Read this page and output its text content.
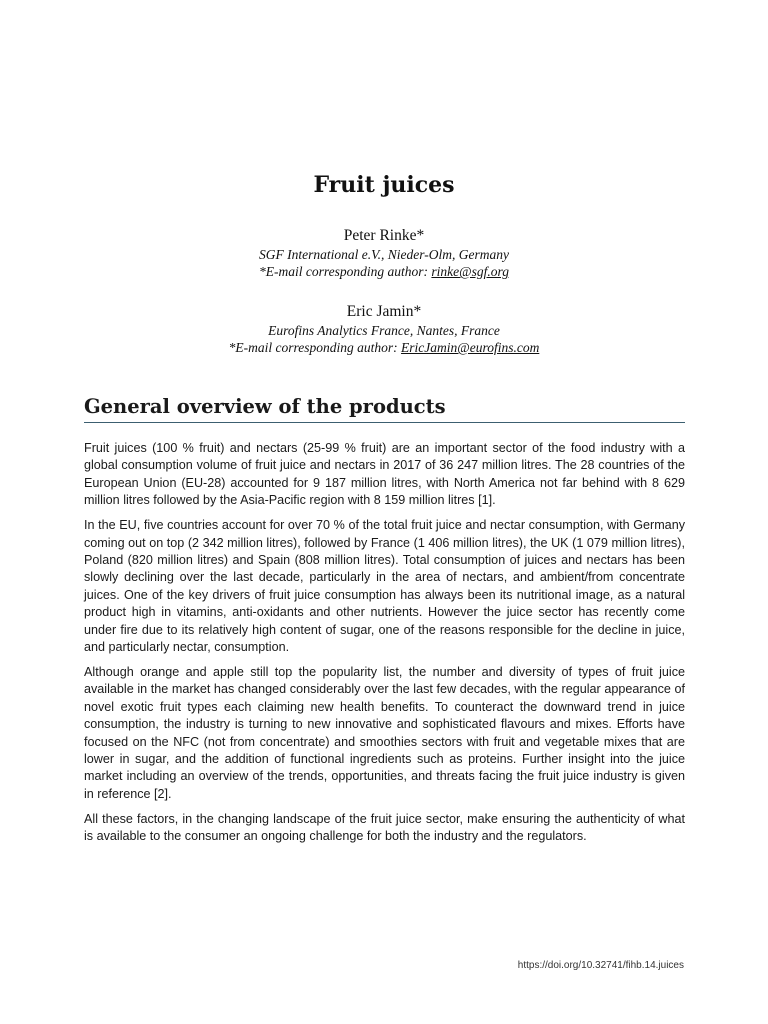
Fruit juices

Peter Rinke*

SGF International e.V., Nieder-Olm, Germany

*E-mail corresponding author: rinke@sgf.org

Eric Jamin*

Eurofins Analytics France, Nantes, France

*E-mail corresponding author: EricJamin@eurofins.com

General overview of the products

Fruit juices (100 % fruit) and nectars (25-99 % fruit) are an important sector of the food industry with a global consumption volume of fruit juice and nectars in 2017 of 36 247 million litres. The 28 countries of the European Union (EU-28) accounted for 9 187 million litres, with North America not far behind with 8 629 million litres followed by the Asia-Pacific region with 8 159 million litres [1].

In the EU, five countries account for over 70 % of the total fruit juice and nectar consumption, with Germany coming out on top (2 342 million litres), followed by France (1 406 million litres), the UK (1 079 million litres), Poland (820 million litres) and Spain (808 million litres). Total consumption of juices and nectars has been slowly declining over the last decade, particularly in the area of nectars, and ambient/from concentrate juices. One of the key drivers of fruit juice consumption has always been its nutritional image, as a natural product high in vitamins, anti-oxidants and other nutrients. However the juice sector has recently come under fire due to its relatively high content of sugar, one of the reasons responsible for the decline in juice, and particularly nectar, consumption.

Although orange and apple still top the popularity list, the number and diversity of types of fruit juice available in the market has changed considerably over the last few decades, with the regular appearance of novel exotic fruit types each claiming new health benefits. To counteract the downward trend in juice consumption, the industry is turning to new innovative and sophisticated flavours and mixes. Efforts have focused on the NFC (not from concentrate) and smoothies sectors with fruit and vegetable mixes that are lower in sugar, and the addition of functional ingredients such as proteins. Further insight into the juice market including an overview of the trends, opportunities, and threats facing the fruit juice industry is given in reference [2].

All these factors, in the changing landscape of the fruit juice sector, make ensuring the authenticity of what is available to the consumer an ongoing challenge for both the industry and the regulators.

https://doi.org/10.32741/fihb.14.juices
